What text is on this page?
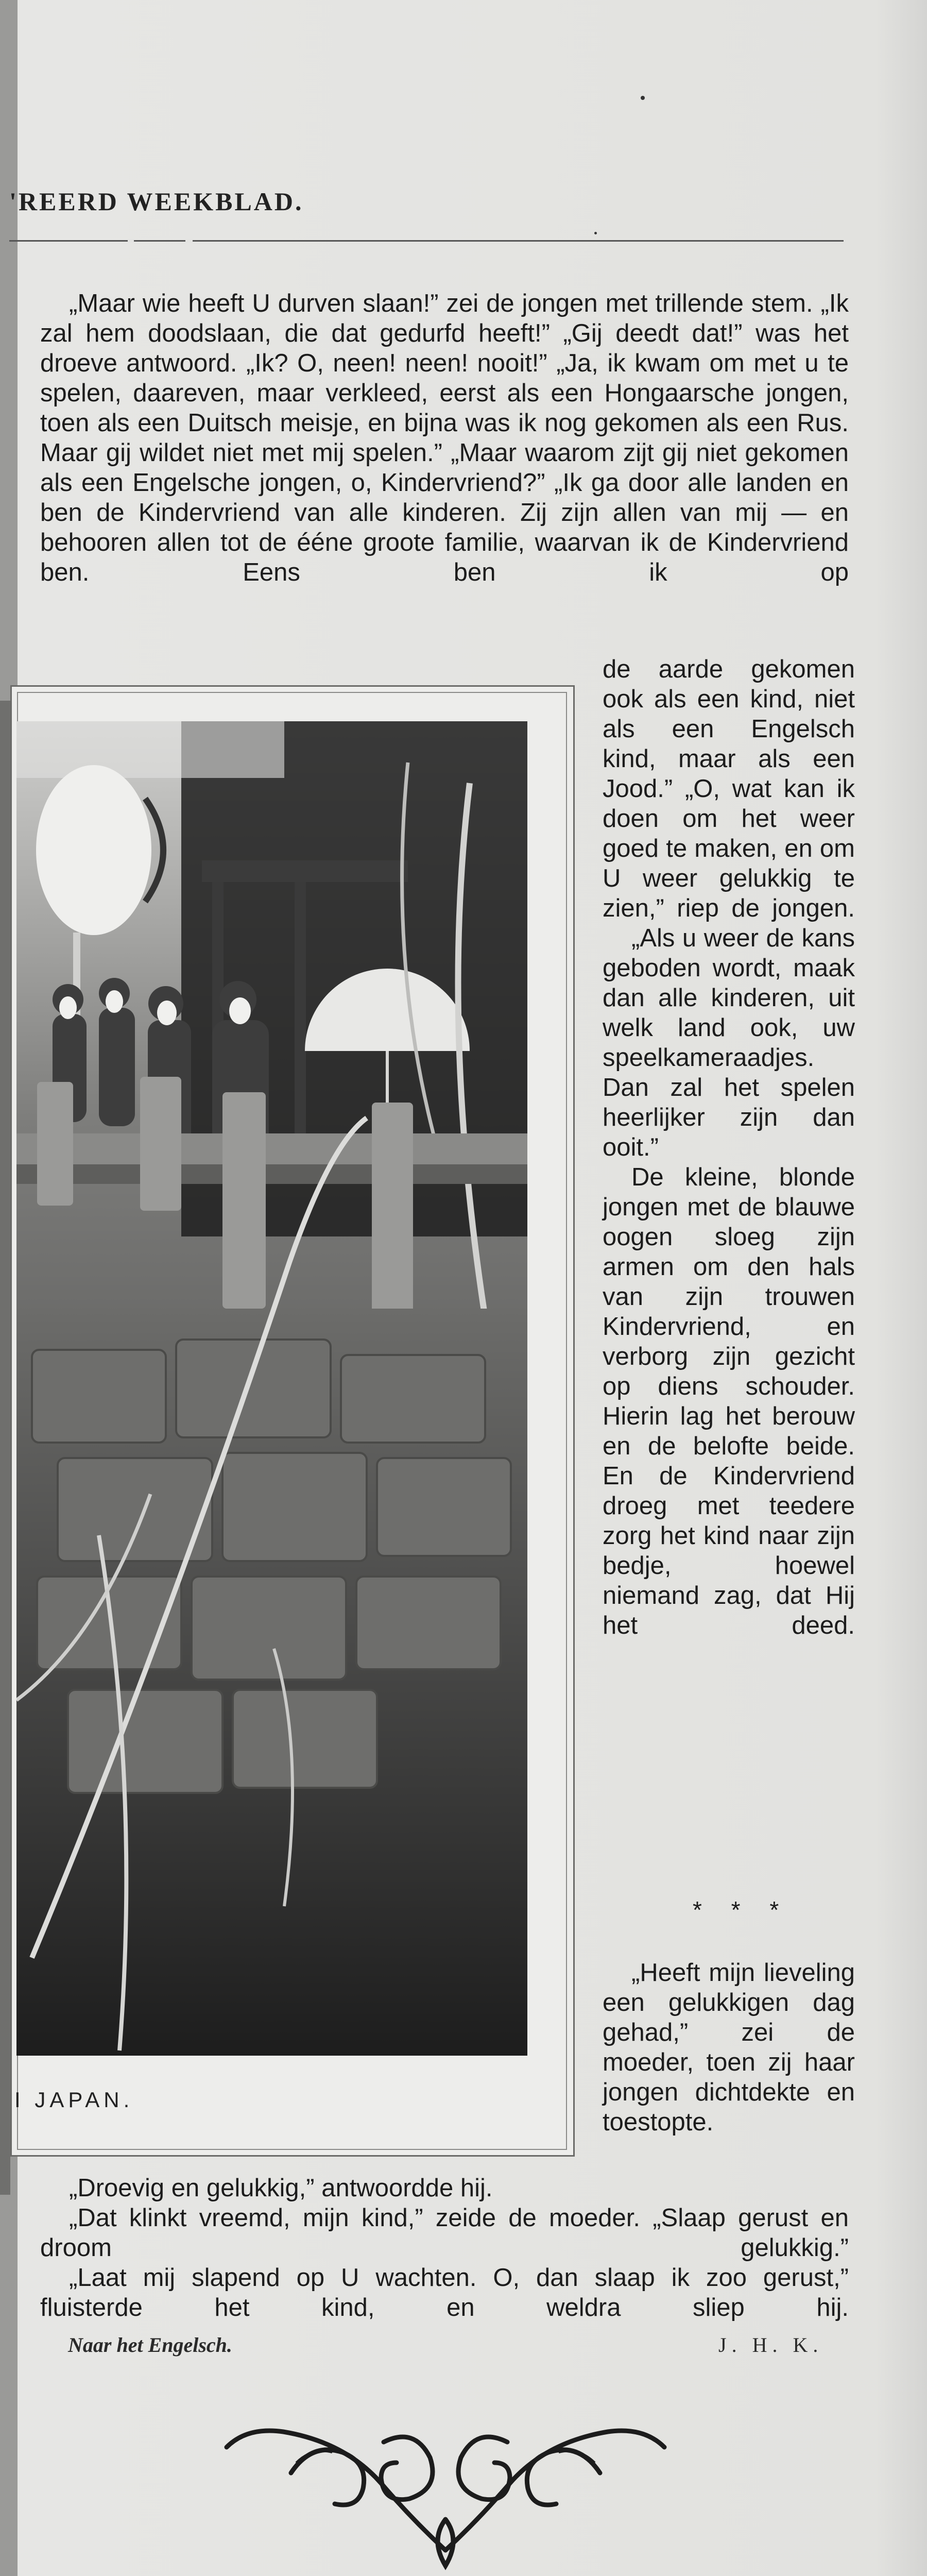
'REERD WEEKBLAD.

„Maar wie heeft U durven slaan!” zei de jongen met trillende stem. „Ik zal hem doodslaan, die dat gedurfd heeft!” „Gij deedt dat!” was het droeve antwoord. „Ik? O, neen! neen! nooit!” „Ja, ik kwam om met u te spelen, daareven, maar verkleed, eerst als een Hongaarsche jongen, toen als een Duitsch meisje, en bijna was ik nog gekomen als een Rus. Maar gij wildet niet met mij spelen.” „Maar waarom zijt gij niet gekomen als een Engelsche jongen, o, Kindervriend?” „Ik ga door alle landen en ben de Kindervriend van alle kinderen. Zij zijn allen van mij — en behooren allen tot de ééne groote familie, waarvan ik de Kindervriend ben. Eens ben ik op

I JAPAN.

de aarde gekomen ook als een kind, niet als een Engelsch kind, maar als een Jood.” „O, wat kan ik doen om het weer goed te maken, en om U weer gelukkig te zien,” riep de jongen.

„Als u weer de kans geboden wordt, maak dan alle kinderen, uit welk land ook, uw speelkameraadjes. Dan zal het spelen heerlijker zijn dan ooit.”

De kleine, blonde jongen met de blauwe oogen sloeg zijn armen om den hals van zijn trouwen Kindervriend, en verborg zijn gezicht op diens schouder. Hierin lag het berouw en de belofte beide. En de Kindervriend droeg met teedere zorg het kind naar zijn bedje, hoewel niemand zag, dat Hij het deed.

* * *
„Heeft mijn lieveling een gelukkigen dag gehad,” zei de moeder, toen zij haar jongen dichtdekte en toestopte.

„Droevig en gelukkig,” antwoordde hij.

„Dat klinkt vreemd, mijn kind,” zeide de moeder. „Slaap gerust en droom gelukkig.”

„Laat mij slapend op U wachten. O, dan slaap ik zoo gerust,” fluisterde het kind, en weldra sliep hij.

Naar het Engelsch.	J. H. K.
